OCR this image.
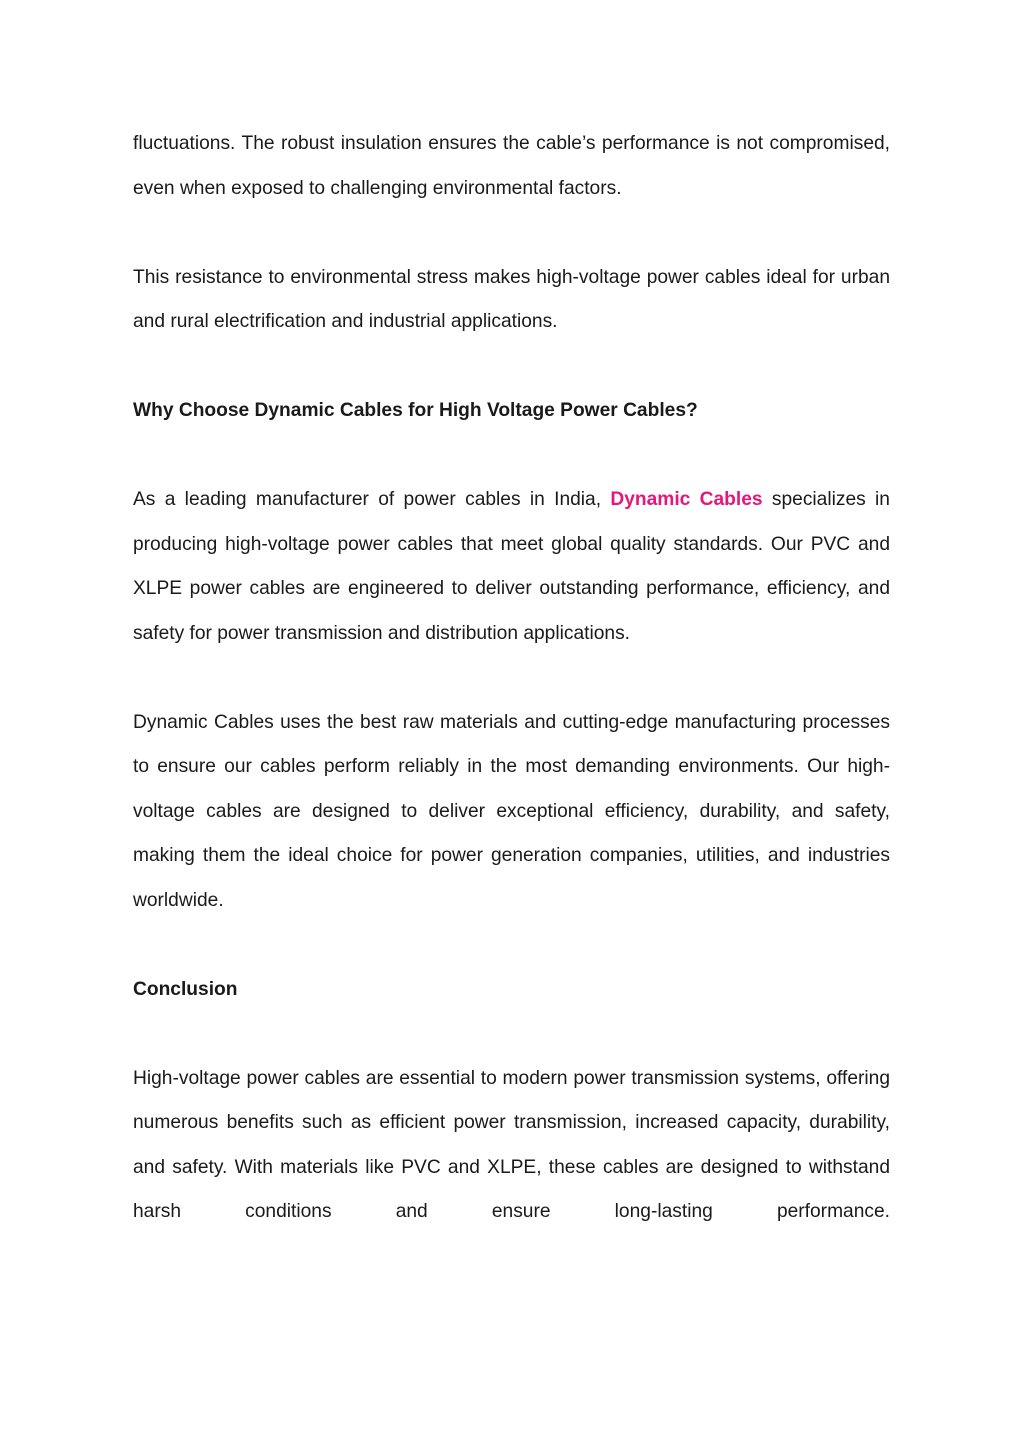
fluctuations. The robust insulation ensures the cable’s performance is not compromised, even when exposed to challenging environmental factors.

This resistance to environmental stress makes high-voltage power cables ideal for urban and rural electrification and industrial applications.

Why Choose Dynamic Cables for High Voltage Power Cables?

As a leading manufacturer of power cables in India, Dynamic Cables specializes in producing high-voltage power cables that meet global quality standards. Our PVC and XLPE power cables are engineered to deliver outstanding performance, efficiency, and safety for power transmission and distribution applications.

Dynamic Cables uses the best raw materials and cutting-edge manufacturing processes to ensure our cables perform reliably in the most demanding environments. Our high-voltage cables are designed to deliver exceptional efficiency, durability, and safety, making them the ideal choice for power generation companies, utilities, and industries worldwide.

Conclusion

High-voltage power cables are essential to modern power transmission systems, offering numerous benefits such as efficient power transmission, increased capacity, durability, and safety. With materials like PVC and XLPE, these cables are designed to withstand harsh conditions and ensure long-lasting performance.
